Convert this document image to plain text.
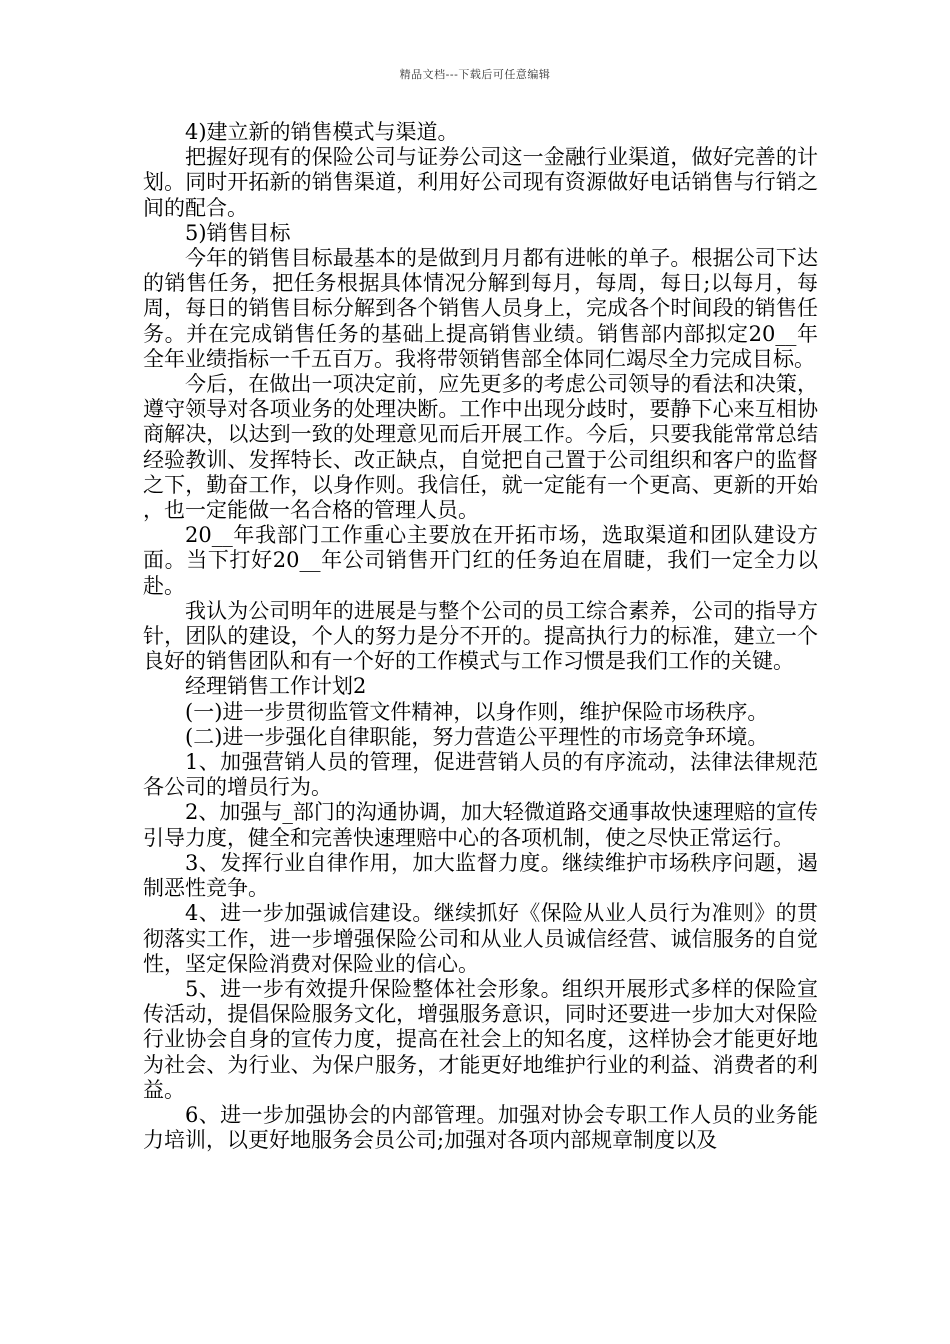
精品文档---下载后可任意编辑

4)建立新的销售模式与渠道。

把握好现有的保险公司与证券公司这一金融行业渠道，做好完善的计划。同时开拓新的销售渠道，利用好公司现有资源做好电话销售与行销之间的配合。

5)销售目标

今年的销售目标最基本的是做到月月都有进帐的单子。根据公司下达的销售任务，把任务根据具体情况分解到每月，每周，每日;以每月，每周，每日的销售目标分解到各个销售人员身上，完成各个时间段的销售任务。并在完成销售任务的基础上提高销售业绩。销售部内部拟定20__年全年业绩指标一千五百万。我将带领销售部全体同仁竭尽全力完成目标。

今后，在做出一项决定前，应先更多的考虑公司领导的看法和决策，遵守领导对各项业务的处理决断。工作中出现分歧时，要静下心来互相协商解决，以达到一致的处理意见而后开展工作。今后，只要我能常常总结经验教训、发挥特长、改正缺点，自觉把自己置于公司组织和客户的监督之下，勤奋工作，以身作则。我信任，就一定能有一个更高、更新的开始，也一定能做一名合格的管理人员。

20__年我部门工作重心主要放在开拓市场，选取渠道和团队建设方面。当下打好20__年公司销售开门红的任务迫在眉睫，我们一定全力以赴。

我认为公司明年的进展是与整个公司的员工综合素养，公司的指导方针，团队的建设，个人的努力是分不开的。提高执行力的标准，建立一个良好的销售团队和有一个好的工作模式与工作习惯是我们工作的关键。

经理销售工作计划2

(一)进一步贯彻监管文件精神，以身作则，维护保险市场秩序。

(二)进一步强化自律职能，努力营造公平理性的市场竞争环境。

1、加强营销人员的管理，促进营销人员的有序流动，法律法律规范各公司的增员行为。

2、加强与_部门的沟通协调，加大轻微道路交通事故快速理赔的宣传引导力度，健全和完善快速理赔中心的各项机制，使之尽快正常运行。

3、发挥行业自律作用，加大监督力度。继续维护市场秩序问题，遏制恶性竞争。

4、进一步加强诚信建设。继续抓好《保险从业人员行为准则》的贯彻落实工作，进一步增强保险公司和从业人员诚信经营、诚信服务的自觉性，坚定保险消费对保险业的信心。

5、进一步有效提升保险整体社会形象。组织开展形式多样的保险宣传活动，提倡保险服务文化，增强服务意识，同时还要进一步加大对保险行业协会自身的宣传力度，提高在社会上的知名度，这样协会才能更好地为社会、为行业、为保户服务，才能更好地维护行业的利益、消费者的利益。

6、进一步加强协会的内部管理。加强对协会专职工作人员的业务能力培训，以更好地服务会员公司;加强对各项内部规章制度以及
